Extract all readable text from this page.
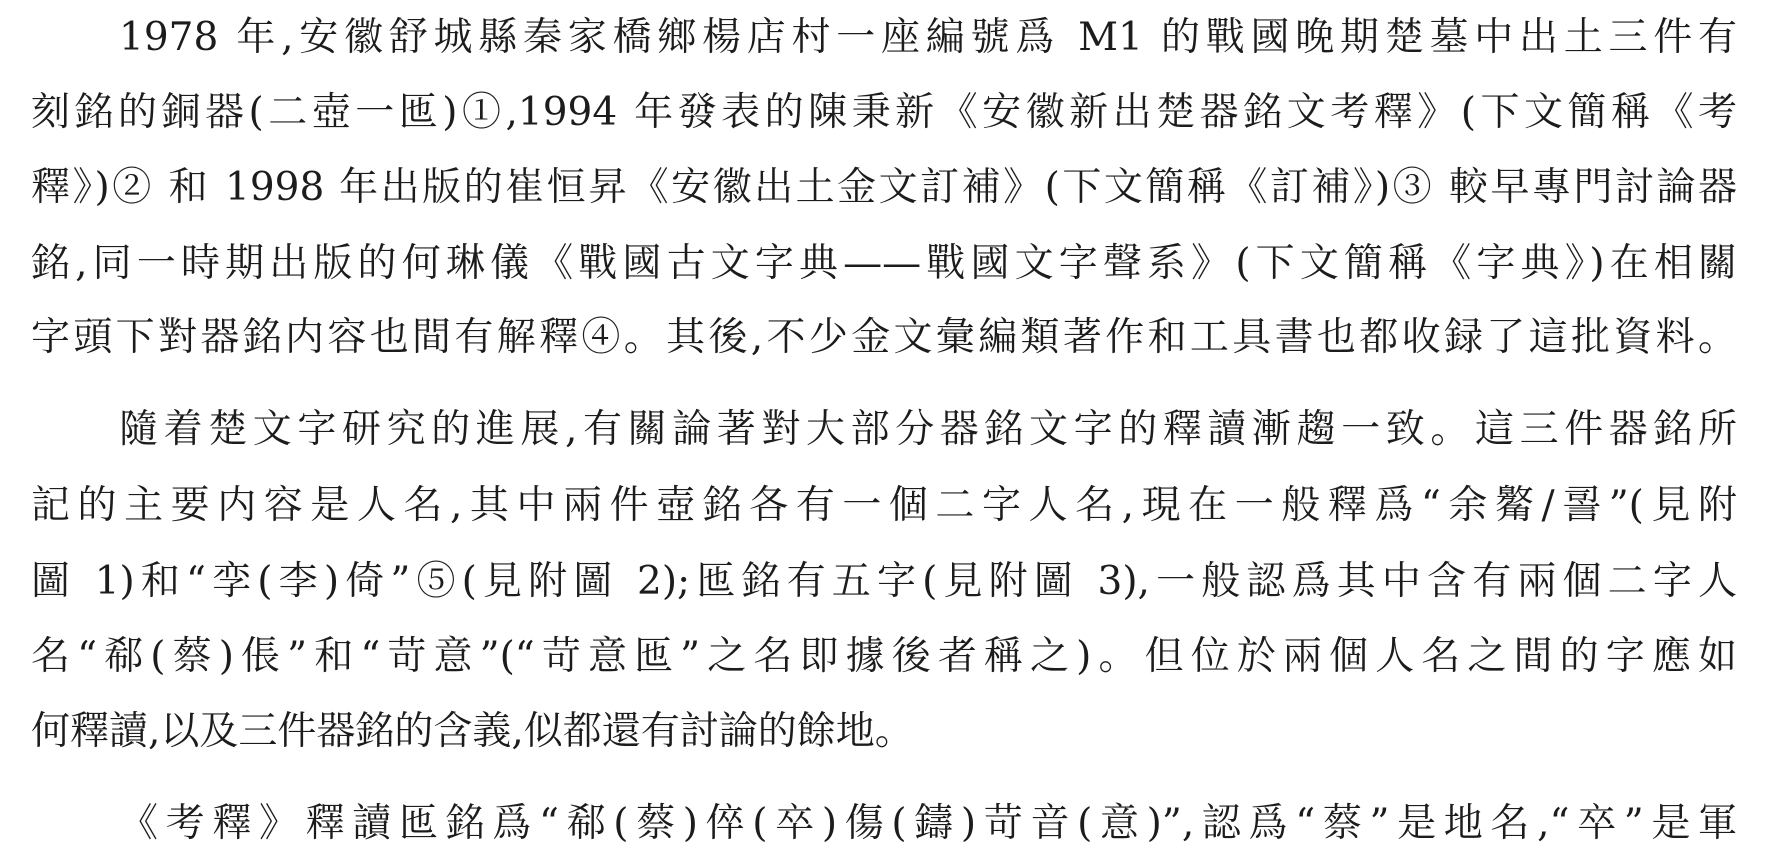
1978 年,安徽舒城縣秦家橋鄉楊店村一座編號爲 M1 的戰國晚期楚墓中出土三件有
刻銘的銅器(二壺一匜)①,1994 年發表的陳秉新《安徽新出楚器銘文考釋》(下文簡稱《考
釋》)② 和 1998 年出版的崔恒昇《安徽出土金文訂補》(下文簡稱《訂補》)③ 較早專門討論器
銘,同一時期出版的何琳儀《戰國古文字典——戰國文字聲系》(下文簡稱《字典》)在相關
字頭下對器銘内容也間有解釋④。其後,不少金文彙編類著作和工具書也都收録了這批資料。
隨着楚文字研究的進展,有關論著對大部分器銘文字的釋讀漸趨一致。這三件器銘所
記的主要内容是人名,其中兩件壺銘各有一個二字人名,現在一般釋爲“余䚫/䛐”(見附
圖 1)和“孪(李)倚”⑤(見附圖 2);匜銘有五字(見附圖 3),一般認爲其中含有兩個二字人
名“郗(蔡)倀”和“苛意”(“苛意匜”之名即據後者稱之)。但位於兩個人名之間的字應如
何釋讀,以及三件器銘的含義,似都還有討論的餘地。
《考釋》釋讀匜銘爲“郗(蔡)倅(卒)傷(鑄)苛音(意)”,認爲“蔡”是地名,“卒”是軍
